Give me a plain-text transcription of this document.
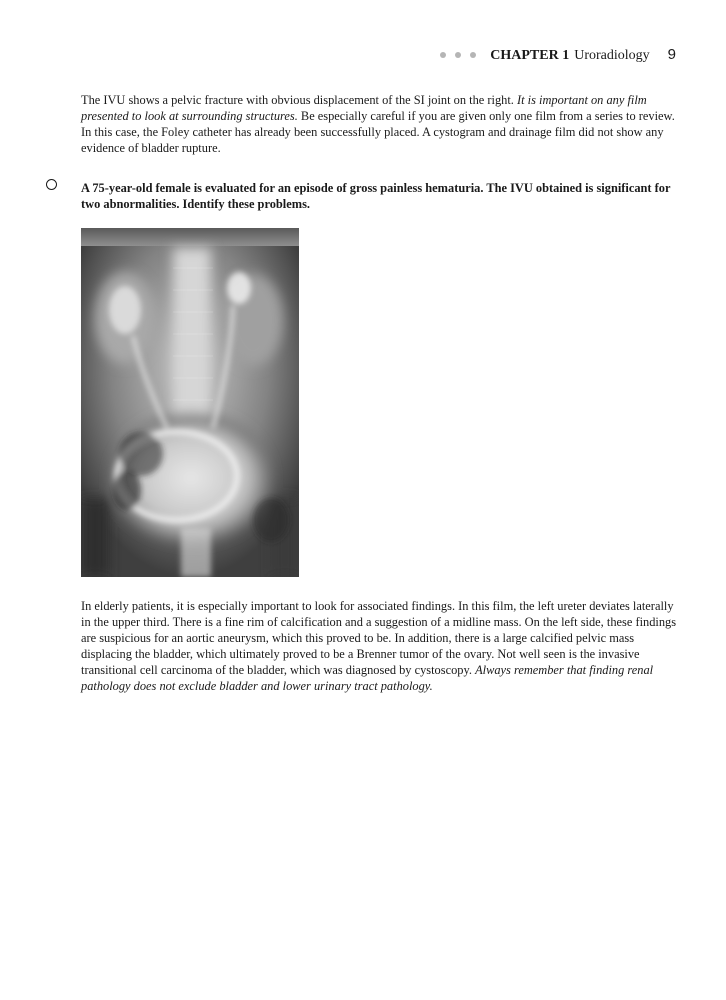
CHAPTER 1 Uroradiology 9

The IVU shows a pelvic fracture with obvious displacement of the SI joint on the right. It is important on any film presented to look at surrounding structures. Be especially careful if you are given only one film from a series to review. In this case, the Foley catheter has already been successfully placed. A cystogram and drainage film did not show any evidence of bladder rupture.

A 75-year-old female is evaluated for an episode of gross painless hematuria. The IVU obtained is significant for two abnormalities. Identify these problems.

In elderly patients, it is especially important to look for associated findings. In this film, the left ureter deviates laterally in the upper third. There is a fine rim of calcification and a suggestion of a midline mass. On the left side, these findings are suspicious for an aortic aneurysm, which this proved to be. In addition, there is a large calcified pelvic mass displacing the bladder, which ultimately proved to be a Brenner tumor of the ovary. Not well seen is the invasive transitional cell carcinoma of the bladder, which was diagnosed by cystoscopy. Always remember that finding renal pathology does not exclude bladder and lower urinary tract pathology.
